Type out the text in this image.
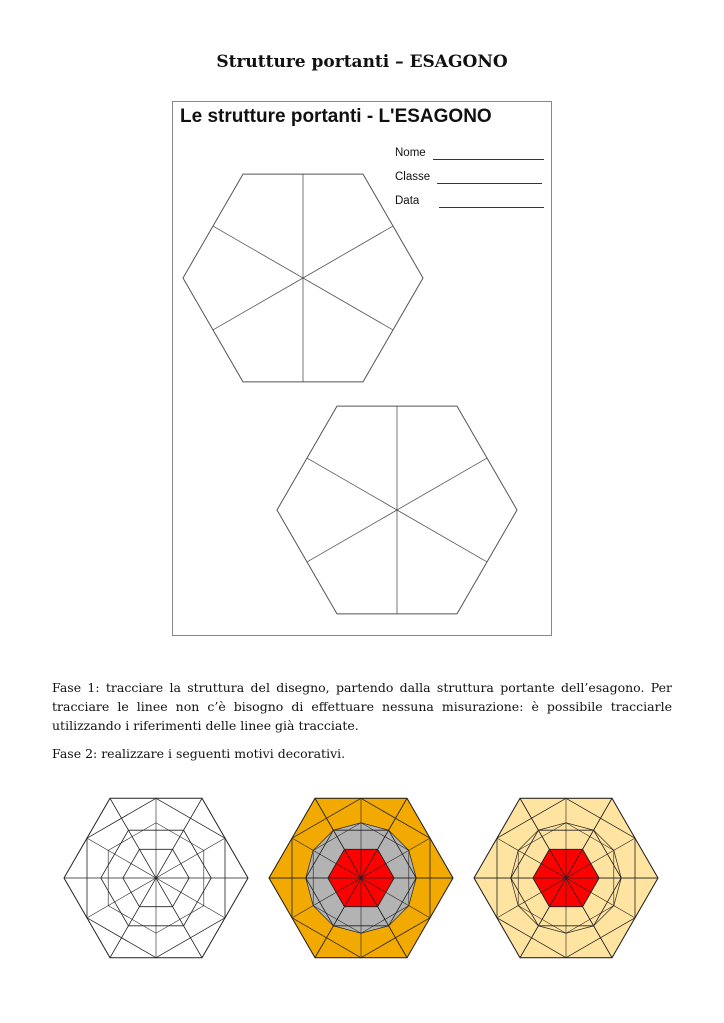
Strutture portanti – ESAGONO
Le strutture portanti - L'ESAGONO
Nome
Classe
Data

Fase 1: tracciare la struttura del disegno, partendo dalla struttura portante dell’esagono. Per tracciare le linee non c’è bisogno di effettuare nessuna misurazione: è possibile tracciarle utilizzando i riferimenti delle linee già tracciate.

Fase 2: realizzare i seguenti motivi decorativi.
